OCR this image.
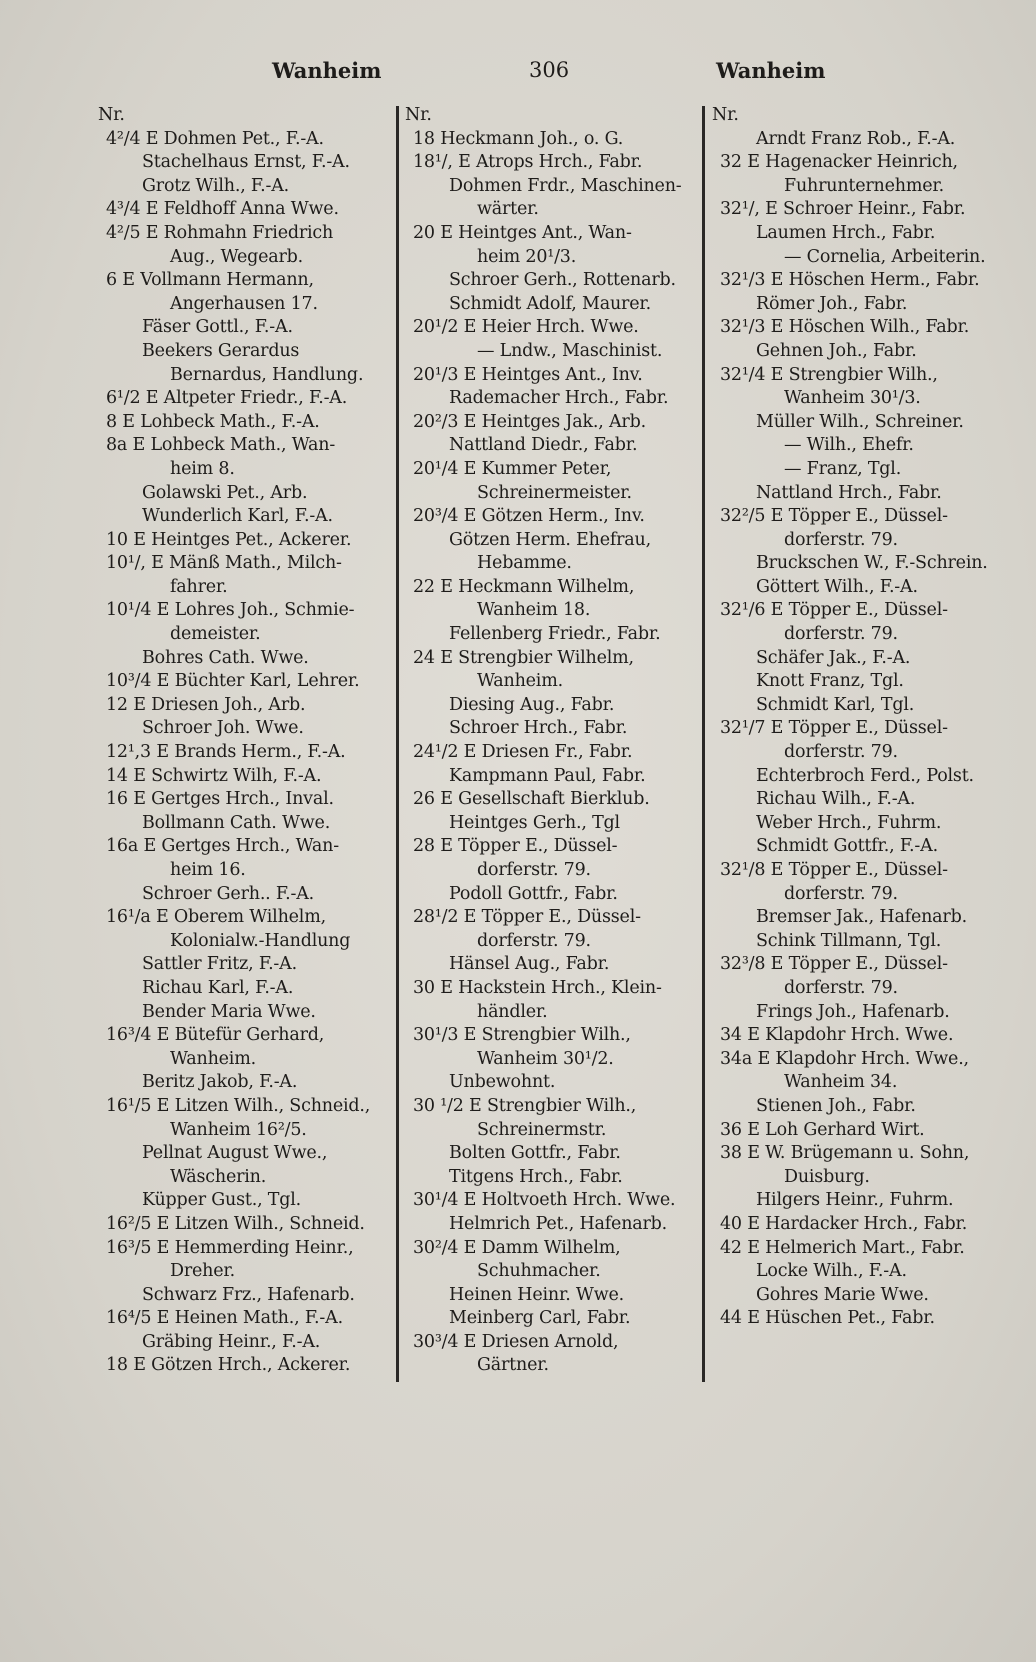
Wanheim	306	Wanheim
Nr.
4²/4 E Dohmen Pet., F.-A.
Stachelhaus Ernst, F.-A.
Grotz Wilh., F.-A.
4³/4 E Feldhoff Anna Wwe.
4²/5 E Rohmahn Friedrich
Aug., Wegearb.
6 E Vollmann Hermann,
Angerhausen 17.
Fäser Gottl., F.-A.
Beekers Gerardus
Bernardus, Handlung.
6¹/2 E Altpeter Friedr., F.-A.
8 E Lohbeck Math., F.-A.
8a E Lohbeck Math., Wan-
heim 8.
Golawski Pet., Arb.
Wunderlich Karl, F.-A.
10 E Heintges Pet., Ackerer.
10¹/, E Mänß Math., Milch-
fahrer.
10¹/4 E Lohres Joh., Schmie-
demeister.
Bohres Cath. Wwe.
10³/4 E Büchter Karl, Lehrer.
12 E Driesen Joh., Arb.
Schroer Joh. Wwe.
12¹,3 E Brands Herm., F.-A.
14 E Schwirtz Wilh, F.-A.
16 E Gertges Hrch., Inval.
Bollmann Cath. Wwe.
16a E Gertges Hrch., Wan-
heim 16.
Schroer Gerh.. F.-A.
16¹/a E Oberem Wilhelm,
Kolonialw.-Handlung
Sattler Fritz, F.-A.
Richau Karl, F.-A.
Bender Maria Wwe.
16³/4 E Bütefür Gerhard,
Wanheim.
Beritz Jakob, F.-A.
16¹/5 E Litzen Wilh., Schneid.,
Wanheim 16²/5.
Pellnat August Wwe.,
Wäscherin.
Küpper Gust., Tgl.
16²/5 E Litzen Wilh., Schneid.
16³/5 E Hemmerding Heinr.,
Dreher.
Schwarz Frz., Hafenarb.
16⁴/5 E Heinen Math., F.-A.
Gräbing Heinr., F.-A.
18 E Götzen Hrch., Ackerer.
Nr.
18 Heckmann Joh., o. G.
18¹/, E Atrops Hrch., Fabr.
Dohmen Frdr., Maschinen-
wärter.
20 E Heintges Ant., Wan-
heim 20¹/3.
Schroer Gerh., Rottenarb.
Schmidt Adolf, Maurer.
20¹/2 E Heier Hrch. Wwe.
— Lndw., Maschinist.
20¹/3 E Heintges Ant., Inv.
Rademacher Hrch., Fabr.
20²/3 E Heintges Jak., Arb.
Nattland Diedr., Fabr.
20¹/4 E Kummer Peter,
Schreinermeister.
20³/4 E Götzen Herm., Inv.
Götzen Herm. Ehefrau,
Hebamme.
22 E Heckmann Wilhelm,
Wanheim 18.
Fellenberg Friedr., Fabr.
24 E Strengbier Wilhelm,
Wanheim.
Diesing Aug., Fabr.
Schroer Hrch., Fabr.
24¹/2 E Driesen Fr., Fabr.
Kampmann Paul, Fabr.
26 E Gesellschaft Bierklub.
Heintges Gerh., Tgl
28 E Töpper E., Düssel-
dorferstr. 79.
Podoll Gottfr., Fabr.
28¹/2 E Töpper E., Düssel-
dorferstr. 79.
Hänsel Aug., Fabr.
30 E Hackstein Hrch., Klein-
händler.
30¹/3 E Strengbier Wilh.,
Wanheim 30¹/2.
Unbewohnt.
30 ¹/2 E Strengbier Wilh.,
Schreinermstr.
Bolten Gottfr., Fabr.
Titgens Hrch., Fabr.
30¹/4 E Holtvoeth Hrch. Wwe.
Helmrich Pet., Hafenarb.
30²/4 E Damm Wilhelm,
Schuhmacher.
Heinen Heinr. Wwe.
Meinberg Carl, Fabr.
30³/4 E Driesen Arnold,
Gärtner.
Nr.
Arndt Franz Rob., F.-A.
32 E Hagenacker Heinrich,
Fuhrunternehmer.
32¹/, E Schroer Heinr., Fabr.
Laumen Hrch., Fabr.
— Cornelia, Arbeiterin.
32¹/3 E Höschen Herm., Fabr.
Römer Joh., Fabr.
32¹/3 E Höschen Wilh., Fabr.
Gehnen Joh., Fabr.
32¹/4 E Strengbier Wilh.,
Wanheim 30¹/3.
Müller Wilh., Schreiner.
— Wilh., Ehefr.
— Franz, Tgl.
Nattland Hrch., Fabr.
32²/5 E Töpper E., Düssel-
dorferstr. 79.
Bruckschen W., F.-Schrein.
Göttert Wilh., F.-A.
32¹/6 E Töpper E., Düssel-
dorferstr. 79.
Schäfer Jak., F.-A.
Knott Franz, Tgl.
Schmidt Karl, Tgl.
32¹/7 E Töpper E., Düssel-
dorferstr. 79.
Echterbroch Ferd., Polst.
Richau Wilh., F.-A.
Weber Hrch., Fuhrm.
Schmidt Gottfr., F.-A.
32¹/8 E Töpper E., Düssel-
dorferstr. 79.
Bremser Jak., Hafenarb.
Schink Tillmann, Tgl.
32³/8 E Töpper E., Düssel-
dorferstr. 79.
Frings Joh., Hafenarb.
34 E Klapdohr Hrch. Wwe.
34a E Klapdohr Hrch. Wwe.,
Wanheim 34.
Stienen Joh., Fabr.
36 E Loh Gerhard Wirt.
38 E W. Brügemann u. Sohn,
Duisburg.
Hilgers Heinr., Fuhrm.
40 E Hardacker Hrch., Fabr.
42 E Helmerich Mart., Fabr.
Locke Wilh., F.-A.
Gohres Marie Wwe.
44 E Hüschen Pet., Fabr.
